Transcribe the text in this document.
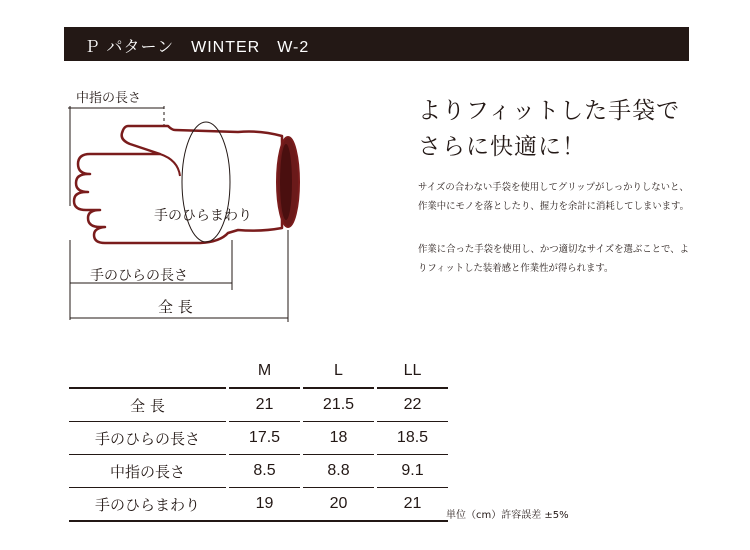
Ｐ パターン　WINTER　W-2
中指の長さ
手のひらまわり
手のひらの長さ
全 長
よりフィットした手袋で
さらに快適に！
サイズの合わない手袋を使用してグリップがしっかりしないと、作業中にモノを落としたり、握力を余計に消耗してしまいます。
作業に合った手袋を使用し、かつ適切なサイズを選ぶことで、よりフィットした装着感と作業性が得られます。
		M		L		LL
全 長		21		21.5		22
手のひらの長さ		17.5		18		18.5
中指の長さ		8.5		8.8		9.1
手のひらまわり		19		20		21
単位（cm）許容誤差 ±5%
